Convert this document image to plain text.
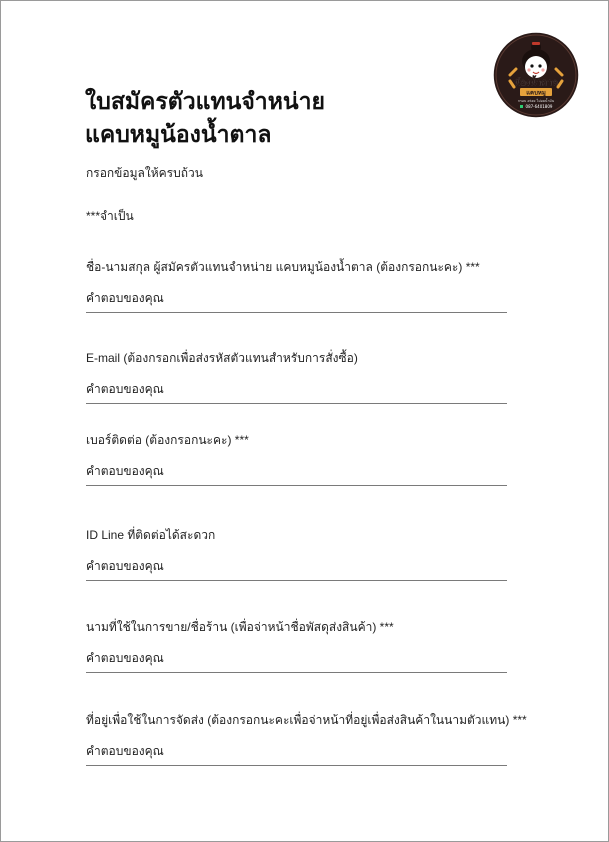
น้องน้ำตาล
แคบหมู
กรอบ อร่อย ไม่อมน้ำมัน
087-6401809
ใบสมัครตัวแทนจำหน่าย
แคบหมูน้องน้ำตาล
กรอกข้อมูลให้ครบถ้วน
***จำเป็น
ชื่อ-นามสกุล ผู้สมัครตัวแทนจำหน่าย แคบหมูน้องน้ำตาล (ต้องกรอกนะคะ) ***
คำตอบของคุณ
E-mail (ต้องกรอกเพื่อส่งรหัสตัวแทนสำหรับการสั่งซื้อ)
คำตอบของคุณ
เบอร์ติดต่อ (ต้องกรอกนะคะ) ***
คำตอบของคุณ
ID Line ที่ติดต่อได้สะดวก
คำตอบของคุณ
นามที่ใช้ในการขาย/ชื่อร้าน (เพื่อจ่าหน้าชื่อพัสดุส่งสินค้า) ***
คำตอบของคุณ
ที่อยู่เพื่อใช้ในการจัดส่ง (ต้องกรอกนะคะเพื่อจ่าหน้าที่อยู่เพื่อส่งสินค้าในนามตัวแทน) ***
คำตอบของคุณ
